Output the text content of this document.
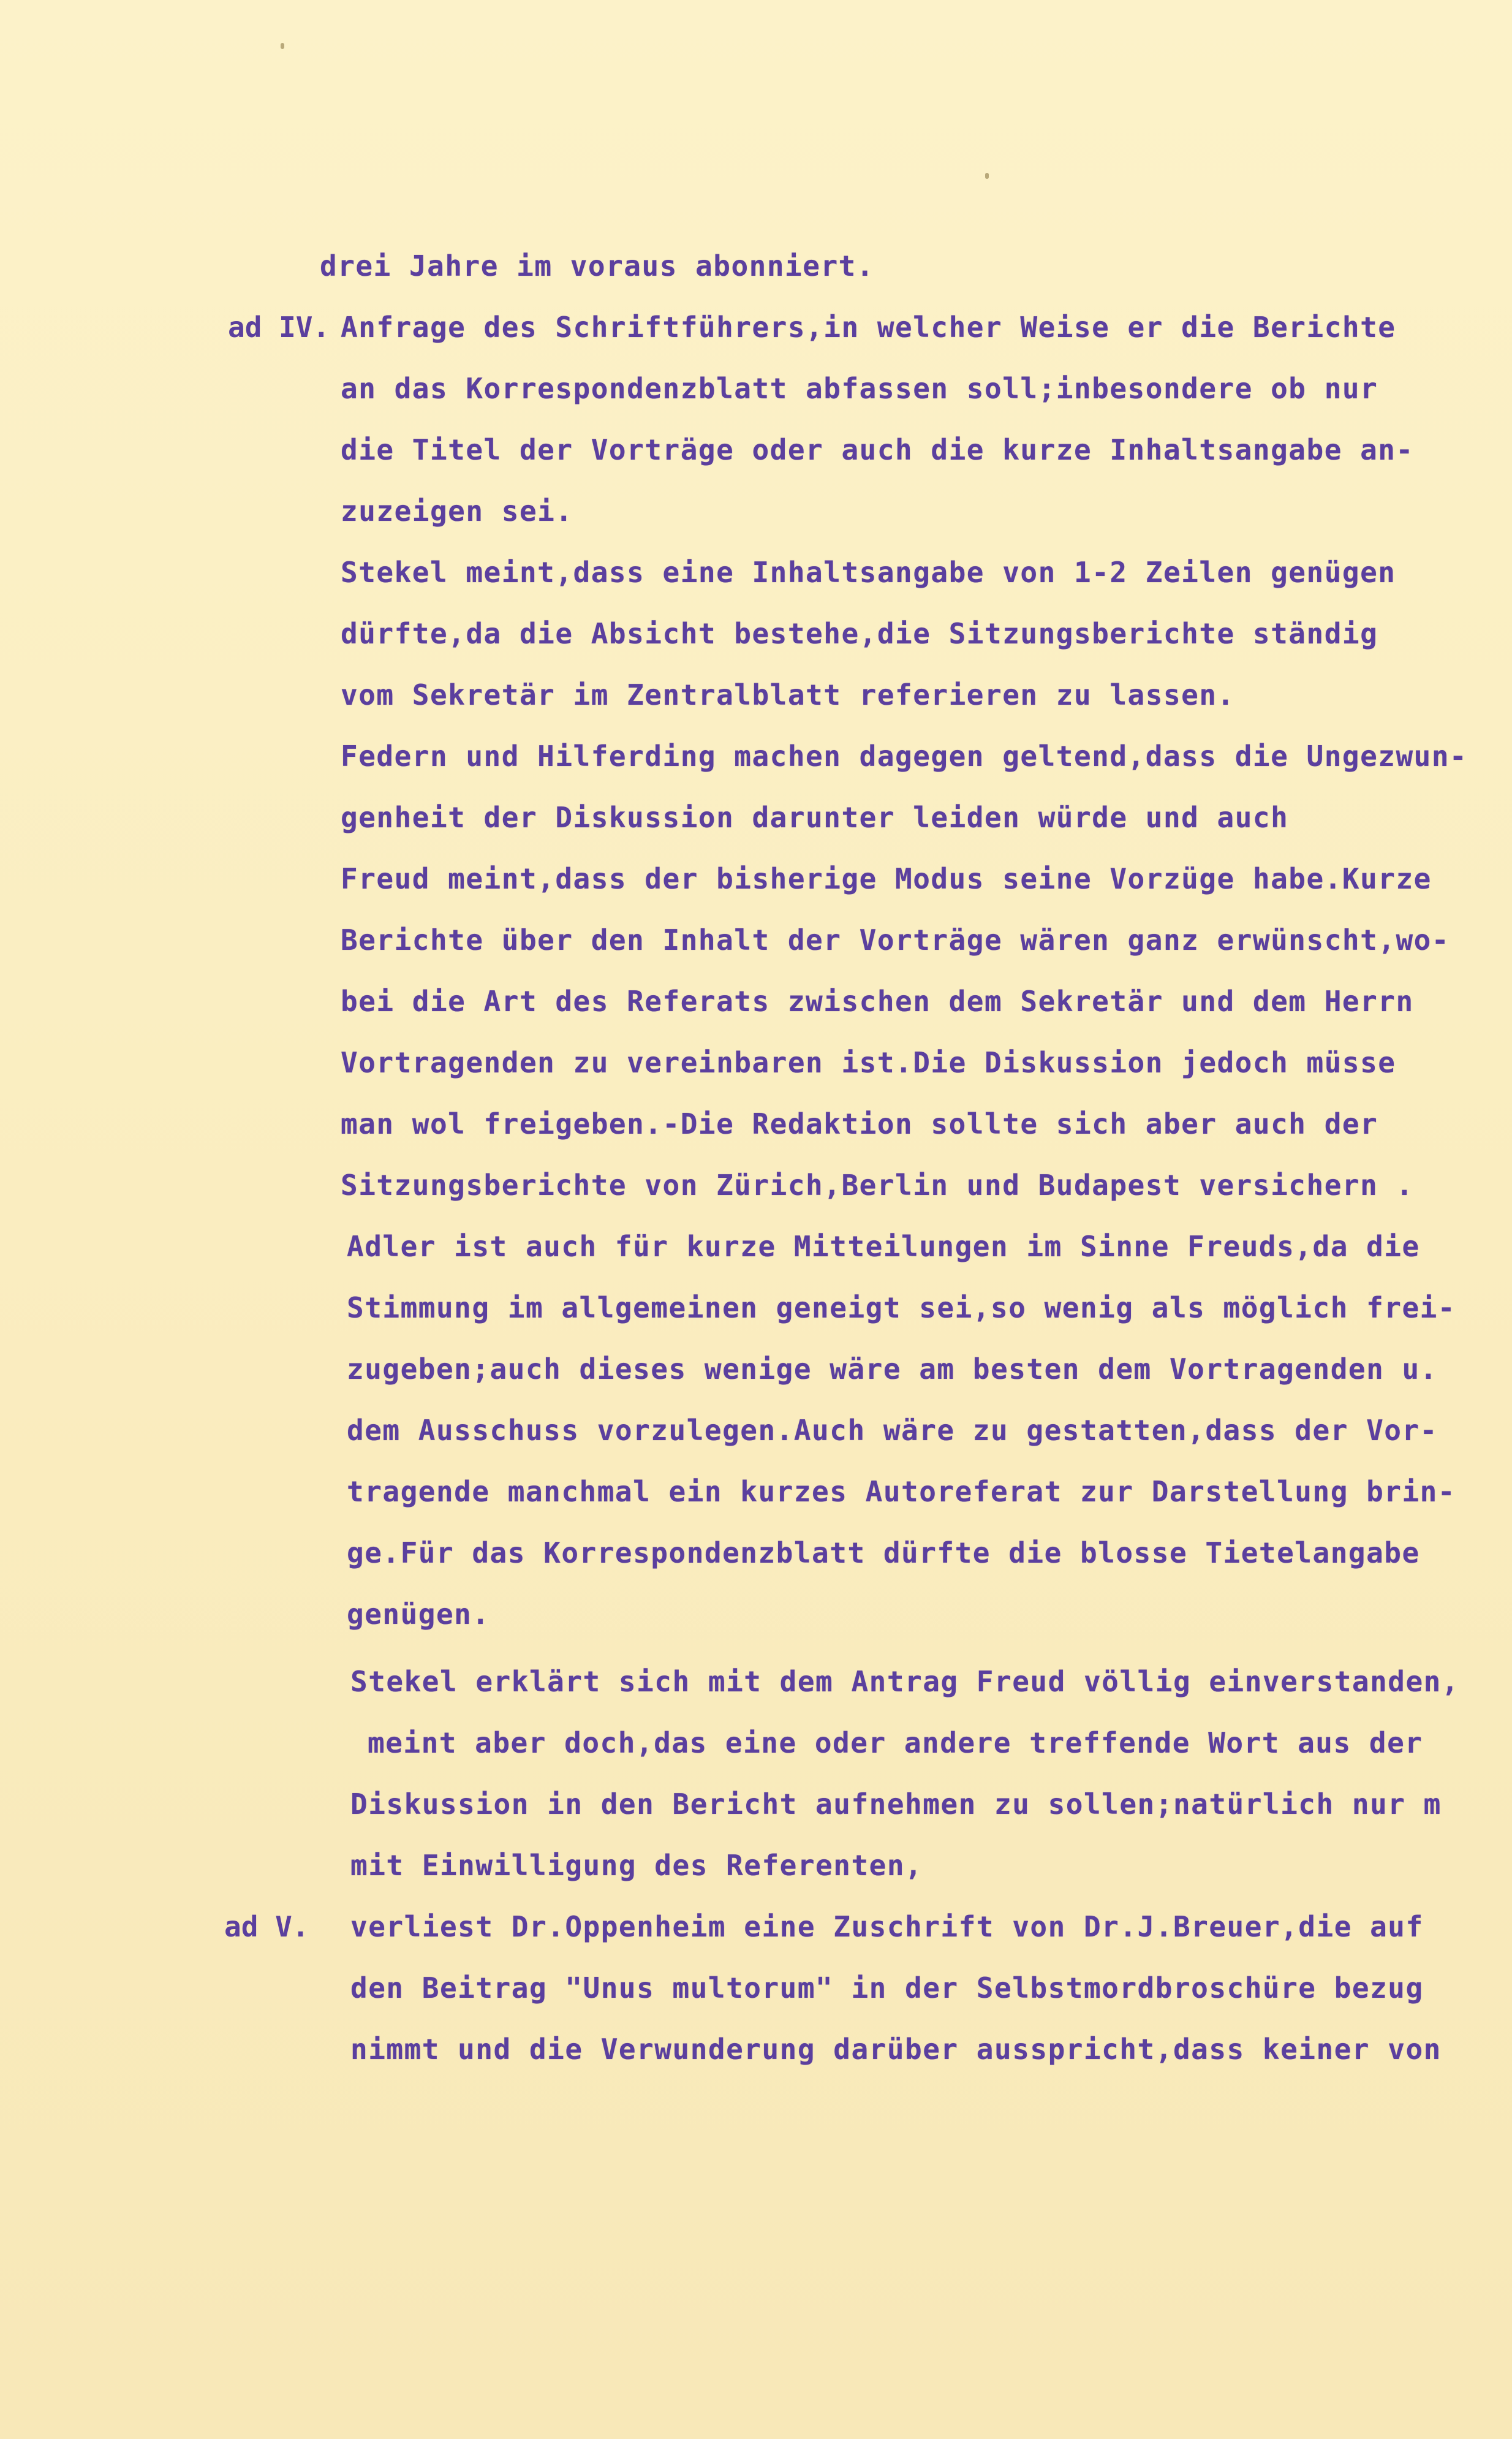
drei Jahre im voraus abonniert.
ad IV. Anfrage des Schriftführers,in welcher Weise er die Berichte
an das Korrespondenzblatt abfassen soll;inbesondere ob nur
die Titel der Vorträge oder auch die kurze Inhaltsangabe an-
zuzeigen sei.
Stekel meint,dass eine Inhaltsangabe von 1-2 Zeilen genügen
dürfte,da die Absicht bestehe,die Sitzungsberichte ständig
vom Sekretär im Zentralblatt referieren zu lassen.
Federn und Hilferding machen dagegen geltend,dass die Ungezwun-
genheit der Diskussion darunter leiden würde und auch
Freud meint,dass der bisherige Modus seine Vorzüge habe.Kurze
Berichte über den Inhalt der Vorträge wären ganz erwünscht,wo-
bei die Art des Referats zwischen dem Sekretär und dem Herrn
Vortragenden zu vereinbaren ist.Die Diskussion jedoch müsse
man wol freigeben.-Die Redaktion sollte sich aber auch der
Sitzungsberichte von Zürich,Berlin und Budapest versichern .
Adler ist auch für kurze Mitteilungen im Sinne Freuds,da die
Stimmung im allgemeinen geneigt sei,so wenig als möglich frei-
zugeben;auch dieses wenige wäre am besten dem Vortragenden u.
dem Ausschuss vorzulegen.Auch wäre zu gestatten,dass der Vor-
tragende manchmal ein kurzes Autoreferat zur Darstellung brin-
ge.Für das Korrespondenzblatt dürfte die blosse Tietelangabe
genügen.
Stekel erklärt sich mit dem Antrag Freud völlig einverstanden,
meint aber doch,das eine oder andere treffende Wort aus der
Diskussion in den Bericht aufnehmen zu sollen;natürlich nur m
mit Einwilligung des Referenten,
ad V. verliest Dr.Oppenheim eine Zuschrift von Dr.J.Breuer,die auf
den Beitrag "Unus multorum" in der Selbstmordbroschüre bezug
nimmt und die Verwunderung darüber ausspricht,dass keiner von
